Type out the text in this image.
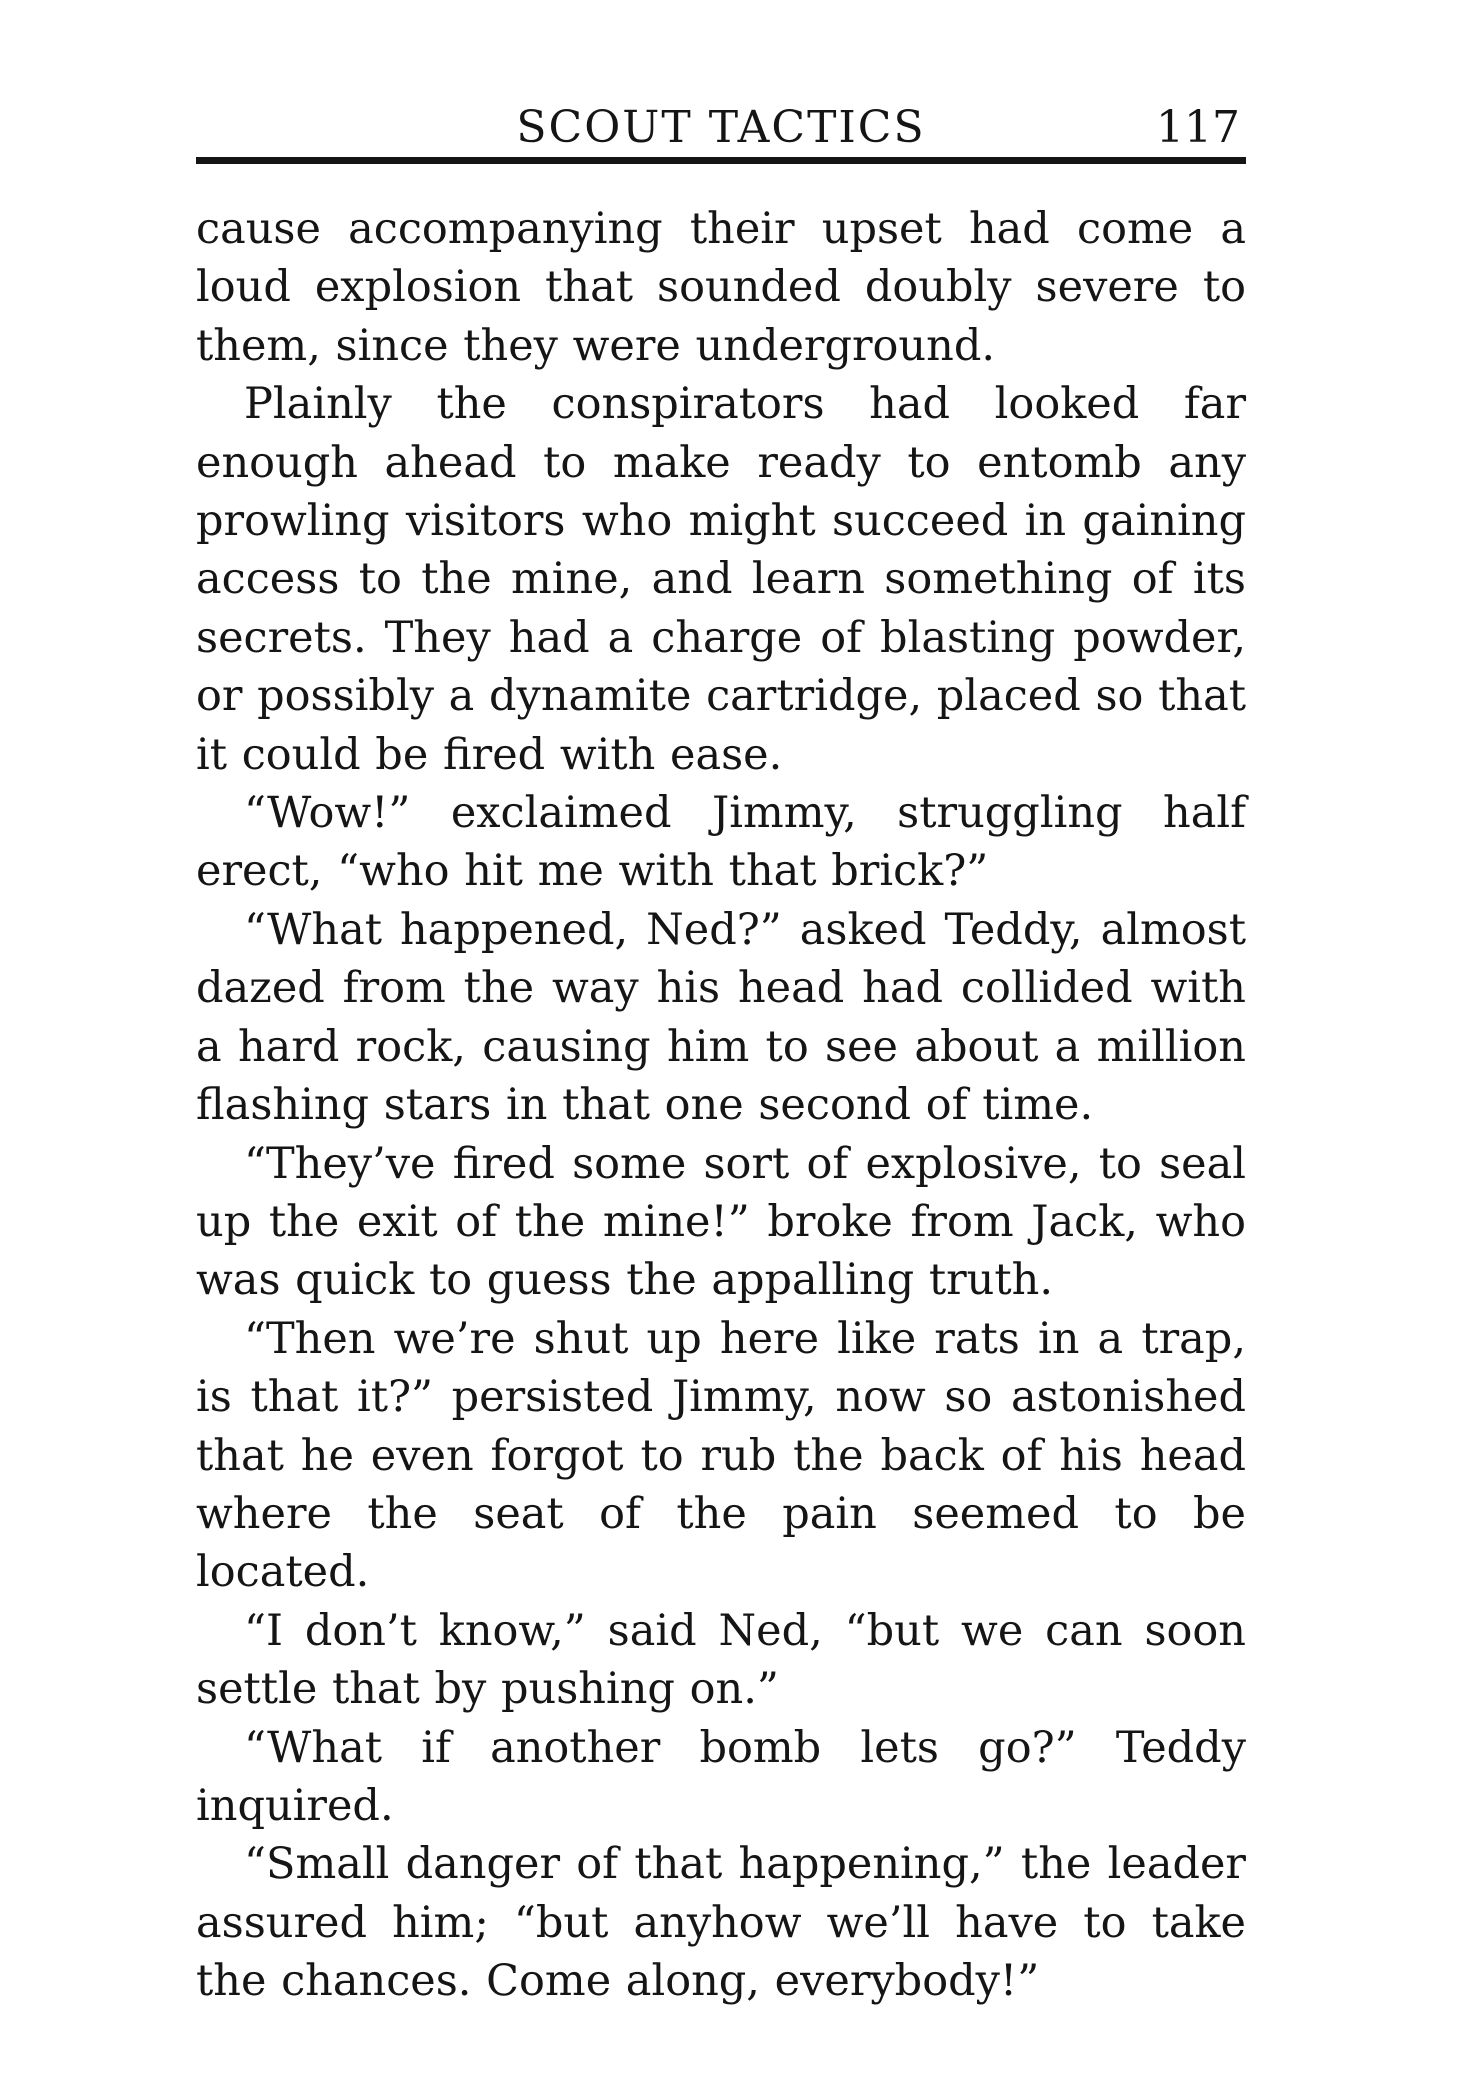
SCOUT TACTICS	117

cause accompanying their upset had come a loud explosion that sounded doubly severe to them, since they were underground.

Plainly the conspirators had looked far enough ahead to make ready to entomb any prowling visitors who might succeed in gaining access to the mine, and learn something of its secrets. They had a charge of blasting powder, or possibly a dynamite cartridge, placed so that it could be fired with ease.

“Wow!” exclaimed Jimmy, struggling half erect, “who hit me with that brick?”

“What happened, Ned?” asked Teddy, almost dazed from the way his head had collided with a hard rock, causing him to see about a million flashing stars in that one second of time.

“They’ve fired some sort of explosive, to seal up the exit of the mine!” broke from Jack, who was quick to guess the appalling truth.

“Then we’re shut up here like rats in a trap, is that it?” persisted Jimmy, now so astonished that he even forgot to rub the back of his head where the seat of the pain seemed to be located.

“I don’t know,” said Ned, “but we can soon settle that by pushing on.”

“What if another bomb lets go?” Teddy inquired.

“Small danger of that happening,” the leader assured him; “but anyhow we’ll have to take the chances. Come along, everybody!”
